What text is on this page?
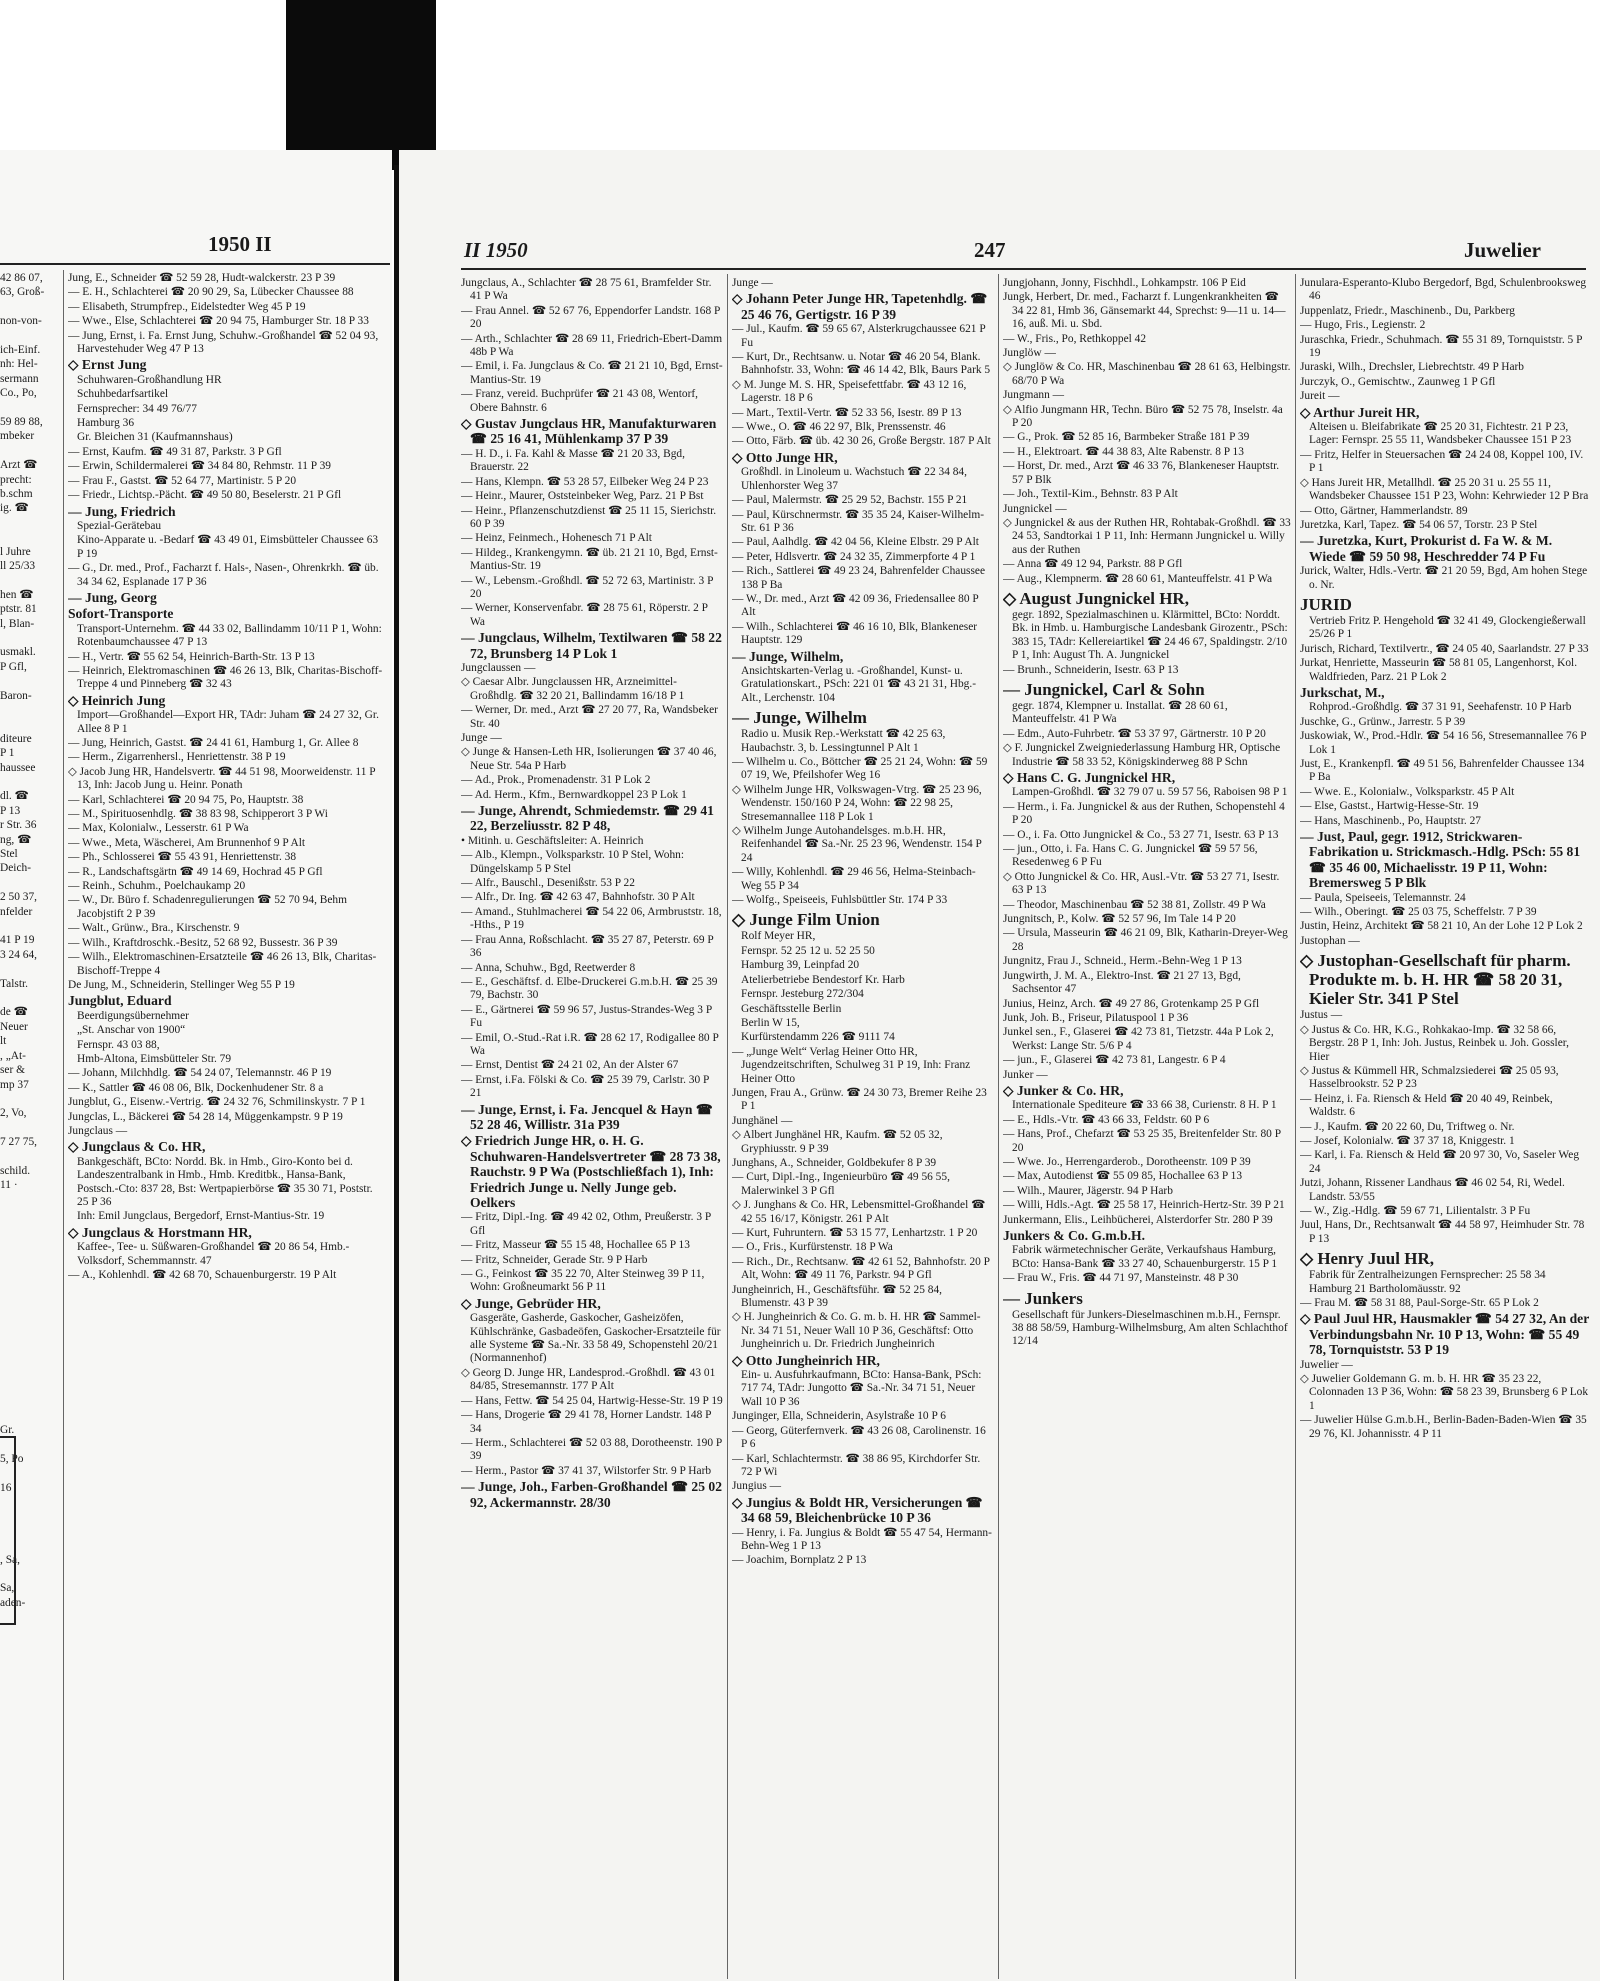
1950 II
42 86 07,
63, Groß-
non-von-
ich-Einf.
nh: Hel-
sermann
Co., Po,
59 89 88,
mbeker
Arzt ☎
precht:
b.schm
ig. ☎
l Juhre
ll 25/33
hen ☎
ptstr. 81
l, Blan-
usmakl.
P Gfl,
Baron-
diteure
P 1
haussee
dl. ☎
P 13
r Str. 36
ng, ☎
Stel
Deich-
2 50 37,
nfelder
41 P 19
3 24 64,
Talstr.
de ☎
Neuer
lt
, „At-
ser &
mp 37
2, Vo,
7 27 75,
schild.
11 ·
Gr.
5, Po
16
, Sa,
Sa,
aden-
Jung, E., Schneider ☎ 52 59 28, Hudt-walckerstr. 23 P 39
— E. H., Schlachterei ☎ 20 90 29, Sa, Lübecker Chaussee 88
— Elisabeth, Strumpfrep., Eidelstedter Weg 45 P 19
— Wwe., Else, Schlachterei ☎ 20 94 75, Hamburger Str. 18 P 33
— Jung, Ernst, i. Fa. Ernst Jung, Schuhw.-Großhandel ☎ 52 04 93, Harvestehuder Weg 47 P 13
◇ Ernst Jung
Schuhwaren-Großhandlung HR
Schuhbedarfsartikel
Fernsprecher: 34 49 76/77
Hamburg 36
Gr. Bleichen 31 (Kaufmannshaus)
— Ernst, Kaufm. ☎ 49 31 87, Parkstr. 3 P Gfl
— Erwin, Schildermalerei ☎ 34 84 80, Rehmstr. 11 P 39
— Frau F., Gastst. ☎ 52 64 77, Martinistr. 5 P 20
— Friedr., Lichtsp.-Pächt. ☎ 49 50 80, Beselerstr. 21 P Gfl
— Jung, Friedrich
Spezial-Gerätebau
Kino-Apparate u. -Bedarf ☎ 43 49 01, Eimsbütteler Chaussee 63 P 19
— G., Dr. med., Prof., Facharzt f. Hals-, Nasen-, Ohrenkrkh. ☎ üb. 34 34 62, Esplanade 17 P 36
— Jung, Georg
Sofort-Transporte
Transport-Unternehm. ☎ 44 33 02, Ballindamm 10/11 P 1, Wohn: Rotenbaumchaussee 47 P 13
— H., Vertr. ☎ 55 62 54, Heinrich-Barth-Str. 13 P 13
— Heinrich, Elektromaschinen ☎ 46 26 13, Blk, Charitas-Bischoff-Treppe 4 und Pinneberg ☎ 32 43
◇ Heinrich Jung
Import—Großhandel—Export HR, TAdr: Juham ☎ 24 27 32, Gr. Allee 8 P 1
— Jung, Heinrich, Gastst. ☎ 24 41 61, Hamburg 1, Gr. Allee 8
— Herm., Zigarrenhersl., Henriettenstr. 38 P 19
◇ Jacob Jung HR, Handelsvertr. ☎ 44 51 98, Moorweidenstr. 11 P 13, Inh: Jacob Jung u. Heinr. Ponath
— Karl, Schlachterei ☎ 20 94 75, Po, Hauptstr. 38
— M., Spirituosenhdlg. ☎ 38 83 98, Schipperort 3 P Wi
— Max, Kolonialw., Lesserstr. 61 P Wa
— Wwe., Meta, Wäscherei, Am Brunnenhof 9 P Alt
— Ph., Schlosserei ☎ 55 43 91, Henriettenstr. 38
— R., Landschaftsgärtn ☎ 49 14 69, Hochrad 45 P Gfl
— Reinh., Schuhm., Poelchaukamp 20
— W., Dr. Büro f. Schadenregulierungen ☎ 52 70 94, Behm Jacobjstift 2 P 39
— Walt., Grünw., Bra., Kirschenstr. 9
— Wilh., Kraftdroschk.-Besitz, 52 68 92, Bussestr. 36 P 39
— Wilh., Elektromaschinen-Ersatzteile ☎ 46 26 13, Blk, Charitas-Bischoff-Treppe 4
De Jung, M., Schneiderin, Stellinger Weg 55 P 19
Jungblut, Eduard
Beerdigungsübernehmer
„St. Anschar von 1900“
Fernspr. 43 03 88,
Hmb-Altona, Eimsbütteler Str. 79
— Johann, Milchhdlg. ☎ 54 24 07, Telemannstr. 46 P 19
— K., Sattler ☎ 46 08 06, Blk, Dockenhudener Str. 8 a
Jungblut, G., Eisenw.-Vertrig. ☎ 24 32 76, Schmilinskystr. 7 P 1
Jungclas, L., Bäckerei ☎ 54 28 14, Müggenkampstr. 9 P 19
Jungclaus —
◇ Jungclaus & Co. HR,
Bankgeschäft, BCto: Nordd. Bk. in Hmb., Giro-Konto bei d. Landeszentralbank in Hmb., Hmb. Kreditbk., Hansa-Bank, Postsch.-Cto: 837 28, Bst: Wertpapierbörse ☎ 35 30 71, Poststr. 25 P 36
Inh: Emil Jungclaus, Bergedorf, Ernst-Mantius-Str. 19
◇ Jungclaus & Horstmann HR,
Kaffee-, Tee- u. Süßwaren-Großhandel ☎ 20 86 54, Hmb.-Volksdorf, Schemmannstr. 47
— A., Kohlenhdl. ☎ 42 68 70, Schauenburgerstr. 19 P Alt
II 1950	247	Juwelier
Jungclaus, A., Schlachter ☎ 28 75 61, Bramfelder Str. 41 P Wa
— Frau Annel. ☎ 52 67 76, Eppendorfer Landstr. 168 P 20
— Arth., Schlachter ☎ 28 69 11, Friedrich-Ebert-Damm 48b P Wa
— Emil, i. Fa. Jungclaus & Co. ☎ 21 21 10, Bgd, Ernst-Mantius-Str. 19
— Franz, vereid. Buchprüfer ☎ 21 43 08, Wentorf, Obere Bahnstr. 6
◇ Gustav Jungclaus HR, Manufakturwaren ☎ 25 16 41, Mühlenkamp 37 P 39
— H. D., i. Fa. Kahl & Masse ☎ 21 20 33, Bgd, Brauerstr. 22
— Hans, Klempn. ☎ 53 28 57, Eilbeker Weg 24 P 23
— Heinr., Maurer, Oststeinbeker Weg, Parz. 21 P Bst
— Heinr., Pflanzenschutzdienst ☎ 25 11 15, Sierichstr. 60 P 39
— Heinz, Feinmech., Hohenesch 71 P Alt
— Hildeg., Krankengymn. ☎ üb. 21 21 10, Bgd, Ernst-Mantius-Str. 19
— W., Lebensm.-Großhdl. ☎ 52 72 63, Martinistr. 3 P 20
— Werner, Konservenfabr. ☎ 28 75 61, Röperstr. 2 P Wa
— Jungclaus, Wilhelm, Textilwaren ☎ 58 22 72, Brunsberg 14 P Lok 1
Jungclaussen —
◇ Caesar Albr. Jungclaussen HR, Arzneimittel-Großhdlg. ☎ 32 20 21, Ballindamm 16/18 P 1
— Werner, Dr. med., Arzt ☎ 27 20 77, Ra, Wandsbeker Str. 40
Junge —
◇ Junge & Hansen-Leth HR, Isolierungen ☎ 37 40 46, Neue Str. 54a P Harb
— Ad., Prok., Promenadenstr. 31 P Lok 2
— Ad. Herm., Kfm., Bernwardkoppel 23 P Lok 1
— Junge, Ahrendt, Schmiedemstr. ☎ 29 41 22, Berzeliusstr. 82 P 48,
• Mitinh. u. Geschäftsleiter: A. Heinrich
— Alb., Klempn., Volksparkstr. 10 P Stel, Wohn: Düngelskamp 5 P Stel
— Alfr., Bauschl., Desenißstr. 53 P 22
— Alfr., Dr. Ing. ☎ 42 63 47, Bahnhofstr. 30 P Alt
— Amand., Stuhlmacherei ☎ 54 22 06, Armbruststr. 18, -Hths., P 19
— Frau Anna, Roßschlacht. ☎ 35 27 87, Peterstr. 69 P 36
— Anna, Schuhw., Bgd, Reetwerder 8
— E., Geschäftsf. d. Elbe-Druckerei G.m.b.H. ☎ 25 39 79, Bachstr. 30
— E., Gärtnerei ☎ 59 96 57, Justus-Strandes-Weg 3 P Fu
— Emil, O.-Stud.-Rat i.R. ☎ 28 62 17, Rodigallee 80 P Wa
— Ernst, Dentist ☎ 24 21 02, An der Alster 67
— Ernst, i.Fa. Fölski & Co. ☎ 25 39 79, Carlstr. 30 P 21
— Junge, Ernst, i. Fa. Jencquel & Hayn ☎ 52 28 46, Willistr. 31a P39
◇ Friedrich Junge HR, o. H. G. Schuhwaren-Handelsvertreter ☎ 28 73 38, Rauchstr. 9 P Wa (Postschließfach 1), Inh: Friedrich Junge u. Nelly Junge geb. Oelkers
— Fritz, Dipl.-Ing. ☎ 49 42 02, Othm, Preußerstr. 3 P Gfl
— Fritz, Masseur ☎ 55 15 48, Hochallee 65 P 13
— Fritz, Schneider, Gerade Str. 9 P Harb
— G., Feinkost ☎ 35 22 70, Alter Steinweg 39 P 11, Wohn: Großneumarkt 56 P 11
◇ Junge, Gebrüder HR,
Gasgeräte, Gasherde, Gaskocher, Gasheizöfen, Kühlschränke, Gasbadeöfen, Gaskocher-Ersatzteile für alle Systeme ☎ Sa.-Nr. 33 58 49, Schopenstehl 20/21 (Normannenhof)
◇ Georg D. Junge HR, Landesprod.-Großhdl. ☎ 43 01 84/85, Stresemannstr. 177 P Alt
— Hans, Fettw. ☎ 54 25 04, Hartwig-Hesse-Str. 19 P 19
— Hans, Drogerie ☎ 29 41 78, Horner Landstr. 148 P 34
— Herm., Schlachterei ☎ 52 03 88, Dorotheenstr. 190 P 39
— Herm., Pastor ☎ 37 41 37, Wilstorfer Str. 9 P Harb
— Junge, Joh., Farben-Großhandel ☎ 25 02 92, Ackermannstr. 28/30
Junge —
◇ Johann Peter Junge HR, Tapetenhdlg. ☎ 25 46 76, Gertigstr. 16 P 39
— Jul., Kaufm. ☎ 59 65 67, Alsterkrugchaussee 621 P Fu
— Kurt, Dr., Rechtsanw. u. Notar ☎ 46 20 54, Blank. Bahnhofstr. 33, Wohn: ☎ 46 14 42, Blk, Baurs Park 5
◇ M. Junge M. S. HR, Speisefettfabr. ☎ 43 12 16, Lagerstr. 18 P 6
— Mart., Textil-Vertr. ☎ 52 33 56, Isestr. 89 P 13
— Wwe., O. ☎ 46 22 97, Blk, Prenssenstr. 46
— Otto, Färb. ☎ üb. 42 30 26, Große Bergstr. 187 P Alt
◇ Otto Junge HR,
Großhdl. in Linoleum u. Wachstuch ☎ 22 34 84, Uhlenhorster Weg 37
— Paul, Malermstr. ☎ 25 29 52, Bachstr. 155 P 21
— Paul, Kürschnermstr. ☎ 35 35 24, Kaiser-Wilhelm-Str. 61 P 36
— Paul, Aalhdlg. ☎ 42 04 56, Kleine Elbstr. 29 P Alt
— Peter, Hdlsvertr. ☎ 24 32 35, Zimmerpforte 4 P 1
— Rich., Sattlerei ☎ 49 23 24, Bahrenfelder Chaussee 138 P Ba
— W., Dr. med., Arzt ☎ 42 09 36, Friedensallee 80 P Alt
— Wilh., Schlachterei ☎ 46 16 10, Blk, Blankeneser Hauptstr. 129
— Junge, Wilhelm,
Ansichtskarten-Verlag u. -Großhandel, Kunst- u. Gratulationskart., PSch: 221 01 ☎ 43 21 31, Hbg.-Alt., Lerchenstr. 104
— Junge, Wilhelm
Radio u. Musik Rep.-Werkstatt ☎ 42 25 63, Haubachstr. 3, b. Lessingtunnel P Alt 1
— Wilhelm u. Co., Böttcher ☎ 25 21 24, Wohn: ☎ 59 07 19, We, Pfeilshofer Weg 16
◇ Wilhelm Junge HR, Volkswagen-Vtrg. ☎ 25 23 96, Wendenstr. 150/160 P 24, Wohn: ☎ 22 98 25, Stresemannallee 118 P Lok 1
◇ Wilhelm Junge Autohandelsges. m.b.H. HR, Reifenhandel ☎ Sa.-Nr. 25 23 96, Wendenstr. 154 P 24
— Willy, Kohlenhdl. ☎ 29 46 56, Helma-Steinbach-Weg 55 P 34
— Wolfg., Speiseeis, Fuhlsbüttler Str. 174 P 33
◇ Junge Film Union
Rolf Meyer HR,
Fernspr. 52 25 12 u. 52 25 50
Hamburg 39, Leinpfad 20
Atelierbetriebe Bendestorf Kr. Harb
Fernspr. Jesteburg 272/304
Geschäftsstelle Berlin
Berlin W 15,
Kurfürstendamm 226 ☎ 9111 74
— „Junge Welt“ Verlag Heiner Otto HR, Jugendzeitschriften, Schulweg 31 P 19, Inh: Franz Heiner Otto
Jungen, Frau A., Grünw. ☎ 24 30 73, Bremer Reihe 23 P 1
Junghänel —
◇ Albert Junghänel HR, Kaufm. ☎ 52 05 32, Gryphiusstr. 9 P 39
Junghans, A., Schneider, Goldbekufer 8 P 39
— Curt, Dipl.-Ing., Ingenieurbüro ☎ 49 56 55, Malerwinkel 3 P Gfl
◇ J. Junghans & Co. HR, Lebensmittel-Großhandel ☎ 42 55 16/17, Königstr. 261 P Alt
— Kurt, Fuhruntern. ☎ 53 15 77, Lenhartzstr. 1 P 20
— O., Fris., Kurfürstenstr. 18 P Wa
— Rich., Dr., Rechtsanw. ☎ 42 61 52, Bahnhofstr. 20 P Alt, Wohn: ☎ 49 11 76, Parkstr. 94 P Gfl
Jungheinrich, H., Geschäftsführ. ☎ 52 25 84, Blumenstr. 43 P 39
◇ H. Jungheinrich & Co. G. m. b. H. HR ☎ Sammel-Nr. 34 71 51, Neuer Wall 10 P 36, Geschäftsf: Otto Jungheinrich u. Dr. Friedrich Jungheinrich
◇ Otto Jungheinrich HR,
Ein- u. Ausfuhrkaufmann, BCto: Hansa-Bank, PSch: 717 74, TAdr: Jungotto ☎ Sa.-Nr. 34 71 51, Neuer Wall 10 P 36
Junginger, Ella, Schneiderin, Asylstraße 10 P 6
— Georg, Güterfernverk. ☎ 43 26 08, Carolinenstr. 16 P 6
— Karl, Schlachtermstr. ☎ 38 86 95, Kirchdorfer Str. 72 P Wi
Jungius —
◇ Jungius & Boldt HR, Versicherungen ☎ 34 68 59, Bleichenbrücke 10 P 36
— Henry, i. Fa. Jungius & Boldt ☎ 55 47 54, Hermann-Behn-Weg 1 P 13
— Joachim, Bornplatz 2 P 13
Jungjohann, Jonny, Fischhdl., Lohkampstr. 106 P Eid
Jungk, Herbert, Dr. med., Facharzt f. Lungenkrankheiten ☎ 34 22 81, Hmb 36, Gänsemarkt 44, Sprechst: 9—11 u. 14—16, auß. Mi. u. Sbd.
— W., Fris., Po, Rethkoppel 42
Junglöw —
◇ Junglöw & Co. HR, Maschinenbau ☎ 28 61 63, Helbingstr. 68/70 P Wa
Jungmann —
◇ Alfio Jungmann HR, Techn. Büro ☎ 52 75 78, Inselstr. 4a P 20
— G., Prok. ☎ 52 85 16, Barmbeker Straße 181 P 39
— H., Elektroart. ☎ 44 38 83, Alte Rabenstr. 8 P 13
— Horst, Dr. med., Arzt ☎ 46 33 76, Blankeneser Hauptstr. 57 P Blk
— Joh., Textil-Kim., Behnstr. 83 P Alt
Jungnickel —
◇ Jungnickel & aus der Ruthen HR, Rohtabak-Großhdl. ☎ 33 24 53, Sandtorkai 1 P 11, Inh: Hermann Jungnickel u. Willy aus der Ruthen
— Anna ☎ 49 12 94, Parkstr. 88 P Gfl
— Aug., Klempnerm. ☎ 28 60 61, Manteuffelstr. 41 P Wa
◇ August Jungnickel HR,
gegr. 1892, Spezialmaschinen u. Klärmittel, BCto: Norddt. Bk. in Hmb. u. Hamburgische Landesbank Girozentr., PSch: 383 15, TAdr: Kellereiartikel ☎ 24 46 67, Spaldingstr. 2/10 P 1, Inh: August Th. A. Jungnickel
— Brunh., Schneiderin, Isestr. 63 P 13
— Jungnickel, Carl & Sohn
gegr. 1874, Klempner u. Installat. ☎ 28 60 61, Manteuffelstr. 41 P Wa
— Edm., Auto-Fuhrbetr. ☎ 53 37 97, Gärtnerstr. 10 P 20
◇ F. Jungnickel Zweigniederlassung Hamburg HR, Optische Industrie ☎ 58 33 52, Königskinderweg 88 P Schn
◇ Hans C. G. Jungnickel HR,
Lampen-Großhdl. ☎ 32 79 07 u. 59 57 56, Raboisen 98 P 1
— Herm., i. Fa. Jungnickel & aus der Ruthen, Schopenstehl 4 P 20
— O., i. Fa. Otto Jungnickel & Co., 53 27 71, Isestr. 63 P 13
— jun., Otto, i. Fa. Hans C. G. Jungnickel ☎ 59 57 56, Resedenweg 6 P Fu
◇ Otto Jungnickel & Co. HR, Ausl.-Vtr. ☎ 53 27 71, Isestr. 63 P 13
— Theodor, Maschinenbau ☎ 52 38 81, Zollstr. 49 P Wa
Jungnitsch, P., Kolw. ☎ 52 57 96, Im Tale 14 P 20
— Ursula, Masseurin ☎ 46 21 09, Blk, Katharin-Dreyer-Weg 28
Jungnitz, Frau J., Schneid., Herm.-Behn-Weg 1 P 13
Jungwirth, J. M. A., Elektro-Inst. ☎ 21 27 13, Bgd, Sachsentor 47
Junius, Heinz, Arch. ☎ 49 27 86, Grotenkamp 25 P Gfl
Junk, Joh. B., Friseur, Pilatuspool 1 P 36
Junkel sen., F., Glaserei ☎ 42 73 81, Tietzstr. 44a P Lok 2, Werkst: Lange Str. 5/6 P 4
— jun., F., Glaserei ☎ 42 73 81, Langestr. 6 P 4
Junker —
◇ Junker & Co. HR,
Internationale Spediteure ☎ 33 66 38, Curienstr. 8 H. P 1
— E., Hdls.-Vtr. ☎ 43 66 33, Feldstr. 60 P 6
— Hans, Prof., Chefarzt ☎ 53 25 35, Breitenfelder Str. 80 P 20
— Wwe. Jo., Herrengarderob., Dorotheenstr. 109 P 39
— Max, Autodienst ☎ 55 09 85, Hochallee 63 P 13
— Wilh., Maurer, Jägerstr. 94 P Harb
— Willi, Hdls.-Agt. ☎ 25 58 17, Heinrich-Hertz-Str. 39 P 21
Junkermann, Elis., Leihbücherei, Alsterdorfer Str. 280 P 39
Junkers & Co. G.m.b.H.
Fabrik wärmetechnischer Geräte, Verkaufshaus Hamburg, BCto: Hansa-Bank ☎ 33 27 40, Schauenburgerstr. 15 P 1
— Frau W., Fris. ☎ 44 71 97, Mansteinstr. 48 P 30
— Junkers
Gesellschaft für Junkers-Dieselmaschinen m.b.H., Fernspr. 38 88 58/59, Hamburg-Wilhelmsburg, Am alten Schlachthof 12/14
Junulara-Esperanto-Klubo Bergedorf, Bgd, Schulenbrooksweg 46
Juppenlatz, Friedr., Maschinenb., Du, Parkberg
— Hugo, Fris., Legienstr. 2
Juraschka, Friedr., Schuhmach. ☎ 55 31 89, Tornquiststr. 5 P 19
Juraski, Wilh., Drechsler, Liebrechtstr. 49 P Harb
Jurczyk, O., Gemischtw., Zaunweg 1 P Gfl
Jureit —
◇ Arthur Jureit HR,
Alteisen u. Bleifabrikate ☎ 25 20 31, Fichtestr. 21 P 23, Lager: Fernspr. 25 55 11, Wandsbeker Chaussee 151 P 23
— Fritz, Helfer in Steuersachen ☎ 24 24 08, Koppel 100, IV. P 1
◇ Hans Jureit HR, Metallhdl. ☎ 25 20 31 u. 25 55 11, Wandsbeker Chaussee 151 P 23, Wohn: Kehrwieder 12 P Bra
— Otto, Gärtner, Hammerlandstr. 89
Juretzka, Karl, Tapez. ☎ 54 06 57, Torstr. 23 P Stel
— Juretzka, Kurt, Prokurist d. Fa W. & M. Wiede ☎ 59 50 98, Heschredder 74 P Fu
Jurick, Walter, Hdls.-Vertr. ☎ 21 20 59, Bgd, Am hohen Stege o. Nr.
JURID
Vertrieb Fritz P. Hengehold ☎ 32 41 49, Glockengießerwall 25/26 P 1
Jurisch, Richard, Textilvertr., ☎ 24 05 40, Saarlandstr. 27 P 33
Jurkat, Henriette, Masseurin ☎ 58 81 05, Langenhorst, Kol. Waldfrieden, Parz. 21 P Lok 2
Jurkschat, M.,
Rohprod.-Großhdlg. ☎ 37 31 91, Seehafenstr. 10 P Harb
Juschke, G., Grünw., Jarrestr. 5 P 39
Juskowiak, W., Prod.-Hdlr. ☎ 54 16 56, Stresemannallee 76 P Lok 1
Just, E., Krankenpfl. ☎ 49 51 56, Bahrenfelder Chaussee 134 P Ba
— Wwe. E., Kolonialw., Volksparkstr. 45 P Alt
— Else, Gastst., Hartwig-Hesse-Str. 19
— Hans, Maschinenb., Po, Hauptstr. 27
— Just, Paul, gegr. 1912, Strickwaren-Fabrikation u. Strickmasch.-Hdlg. PSch: 55 81 ☎ 35 46 00, Michaelisstr. 19 P 11, Wohn: Bremersweg 5 P Blk
— Paula, Speiseeis, Telemannstr. 24
— Wilh., Oberingt. ☎ 25 03 75, Scheffelstr. 7 P 39
Justin, Heinz, Architekt ☎ 58 21 10, An der Lohe 12 P Lok 2
Justophan —
◇ Justophan-Gesellschaft für pharm. Produkte m. b. H. HR ☎ 58 20 31, Kieler Str. 341 P Stel
Justus —
◇ Justus & Co. HR, K.G., Rohkakao-Imp. ☎ 32 58 66, Bergstr. 28 P 1, Inh: Joh. Justus, Reinbek u. Joh. Gossler, Hier
◇ Justus & Kümmell HR, Schmalzsiederei ☎ 25 05 93, Hasselbrookstr. 52 P 23
— Heinz, i. Fa. Riensch & Held ☎ 20 40 49, Reinbek, Waldstr. 6
— J., Kaufm. ☎ 20 22 60, Du, Triftweg o. Nr.
— Josef, Kolonialw. ☎ 37 37 18, Kniggestr. 1
— Karl, i. Fa. Riensch & Held ☎ 20 97 30, Vo, Saseler Weg 24
Jutzi, Johann, Rissener Landhaus ☎ 46 02 54, Ri, Wedel. Landstr. 53/55
— W., Zig.-Hdlg. ☎ 59 67 71, Lilientalstr. 3 P Fu
Juul, Hans, Dr., Rechtsanwalt ☎ 44 58 97, Heimhuder Str. 78 P 13
◇ Henry Juul HR,
Fabrik für Zentralheizungen Fernsprecher: 25 58 34 Hamburg 21 Bartholomäusstr. 92
— Frau M. ☎ 58 31 88, Paul-Sorge-Str. 65 P Lok 2
◇ Paul Juul HR, Hausmakler ☎ 54 27 32, An der Verbindungsbahn Nr. 10 P 13, Wohn: ☎ 55 49 78, Tornquiststr. 53 P 19
Juwelier —
◇ Juwelier Goldemann G. m. b. H. HR ☎ 35 23 22, Colonnaden 13 P 36, Wohn: ☎ 58 23 39, Brunsberg 6 P Lok 1
— Juwelier Hülse G.m.b.H., Berlin-Baden-Baden-Wien ☎ 35 29 76, Kl. Johannisstr. 4 P 11
